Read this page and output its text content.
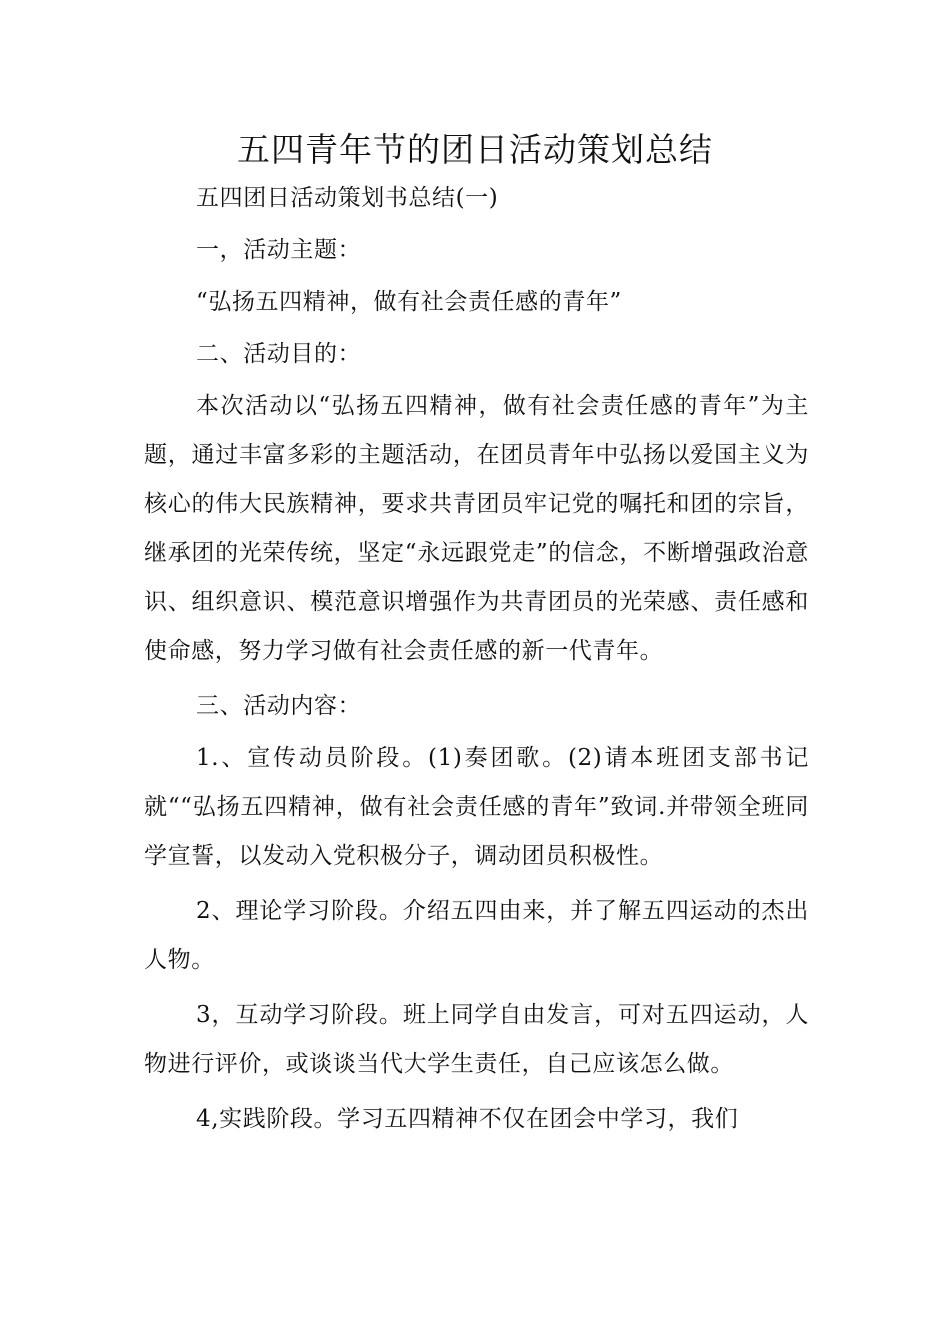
五四青年节的团日活动策划总结

五四团日活动策划书总结(一)

一，活动主题：

“弘扬五四精神，做有社会责任感的青年”

二、活动目的：

本次活动以“弘扬五四精神，做有社会责任感的青年”为主题，通过丰富多彩的主题活动，在团员青年中弘扬以爱国主义为核心的伟大民族精神，要求共青团员牢记党的嘱托和团的宗旨，继承团的光荣传统，坚定“永远跟党走”的信念，不断增强政治意识、组织意识、模范意识增强作为共青团员的光荣感、责任感和使命感，努力学习做有社会责任感的新一代青年。

三、活动内容：

1.、宣传动员阶段。(1)奏团歌。(2)请本班团支部书记就““弘扬五四精神，做有社会责任感的青年”致词.并带领全班同学宣誓，以发动入党积极分子，调动团员积极性。

2、理论学习阶段。介绍五四由来，并了解五四运动的杰出人物。

3，互动学习阶段。班上同学自由发言，可对五四运动，人物进行评价，或谈谈当代大学生责任，自己应该怎么做。

4,实践阶段。学习五四精神不仅在团会中学习，我们
